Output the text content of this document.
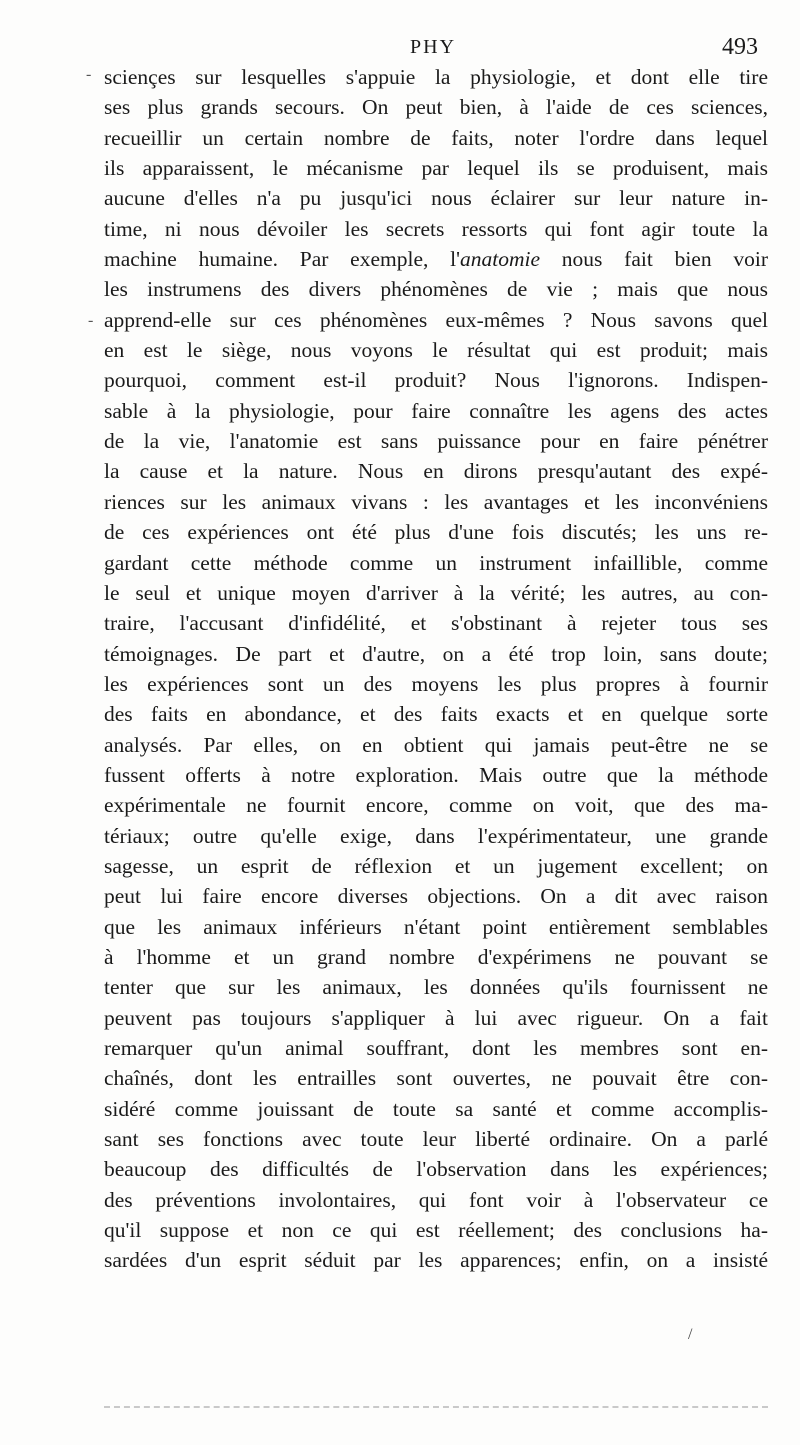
PHY	493
-
-
sciençes sur lesquelles s'appuie la physiologie, et dont elle tire
ses plus grands secours. On peut bien, à l'aide de ces sciences,
recueillir un certain nombre de faits, noter l'ordre dans lequel
ils apparaissent, le mécanisme par lequel ils se produisent, mais
aucune d'elles n'a pu jusqu'ici nous éclairer sur leur nature in-
time, ni nous dévoiler les secrets ressorts qui font agir toute la
machine humaine. Par exemple, l'anatomie nous fait bien voir
les instrumens des divers phénomènes de vie ; mais que nous
apprend-elle sur ces phénomènes eux-mêmes ? Nous savons quel
en est le siège, nous voyons le résultat qui est produit; mais
pourquoi, comment est-il produit? Nous l'ignorons. Indispen-
sable à la physiologie, pour faire connaître les agens des actes
de la vie, l'anatomie est sans puissance pour en faire pénétrer
la cause et la nature. Nous en dirons presqu'autant des expé-
riences sur les animaux vivans : les avantages et les inconvéniens
de ces expériences ont été plus d'une fois discutés; les uns re-
gardant cette méthode comme un instrument infaillible, comme
le seul et unique moyen d'arriver à la vérité; les autres, au con-
traire, l'accusant d'infidélité, et s'obstinant à rejeter tous ses
témoignages. De part et d'autre, on a été trop loin, sans doute;
les expériences sont un des moyens les plus propres à fournir
des faits en abondance, et des faits exacts et en quelque sorte
analysés. Par elles, on en obtient qui jamais peut-être ne se
fussent offerts à notre exploration. Mais outre que la méthode
expérimentale ne fournit encore, comme on voit, que des ma-
tériaux; outre qu'elle exige, dans l'expérimentateur, une grande
sagesse, un esprit de réflexion et un jugement excellent; on
peut lui faire encore diverses objections. On a dit avec raison
que les animaux inférieurs n'étant point entièrement semblables
à l'homme et un grand nombre d'expérimens ne pouvant se
tenter que sur les animaux, les données qu'ils fournissent ne
peuvent pas toujours s'appliquer à lui avec rigueur. On a fait
remarquer qu'un animal souffrant, dont les membres sont en-
chaînés, dont les entrailles sont ouvertes, ne pouvait être con-
sidéré comme jouissant de toute sa santé et comme accomplis-
sant ses fonctions avec toute leur liberté ordinaire. On a parlé
beaucoup des difficultés de l'observation dans les expériences;
des préventions involontaires, qui font voir à l'observateur ce
qu'il suppose et non ce qui est réellement; des conclusions ha-
sardées d'un esprit séduit par les apparences; enfin, on a insisté
/
